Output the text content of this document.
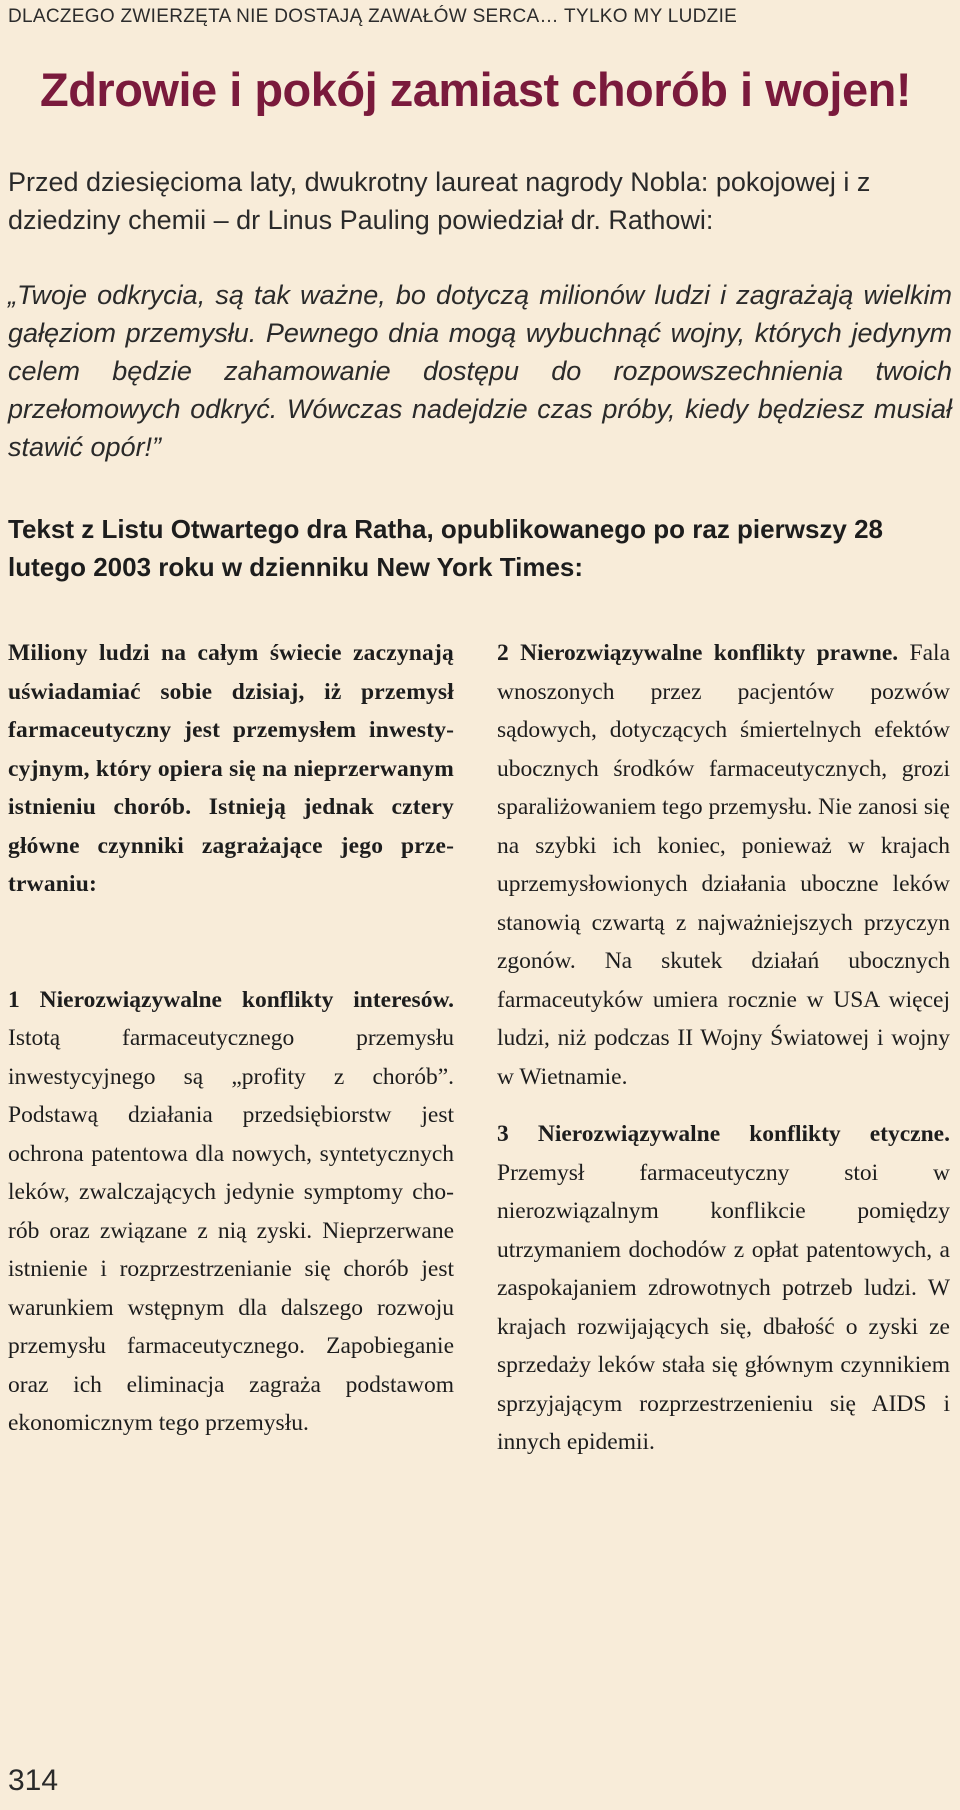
DLACZEGO ZWIERZĘTA NIE DOSTAJĄ ZAWAŁÓW SERCA… TYLKO MY LUDZIE
Zdrowie i pokój zamiast chorób i wojen!

Przed dziesięcioma laty, dwukrotny laureat nagrody Nobla: pokojowej i z dziedziny chemii – dr Linus Pauling powiedział dr. Rathowi:

„Twoje odkrycia, są tak ważne, bo dotyczą milionów ludzi i zagrażają wielkim gałęziom przemysłu. Pewnego dnia mogą wybuchnąć wojny, których jedynym celem będzie zahamowanie dostępu do rozpowszechnienia twoich przełomowych odkryć. Wówczas nadejdzie czas próby, kiedy będziesz musiał stawić opór!”

Tekst z Listu Otwartego dra Ratha, opublikowanego po raz pierwszy 28 lutego 2003 roku w dzienniku New York Times:

Miliony ludzi na całym świecie zaczynają uświadamiać sobie dzisiaj, iż przemysł farmaceutyczny jest przemysłem inwestycyjnym, który opiera się na nieprzerwanym istnieniu chorób. Istnieją jednak cztery główne czynniki zagrażające jego przetrwaniu:

1 Nierozwiązywalne konflikty interesów. Istotą farmaceutycznego przemysłu inwestycyjnego są „profity z chorób”. Podstawą działania przedsiębiorstw jest ochrona patentowa dla nowych, syntetycznych leków, zwalczających jedynie symptomy chorób oraz związane z nią zyski. Nieprzerwane istnienie i rozprzestrzenianie się chorób jest warunkiem wstępnym dla dalszego rozwoju przemysłu farmaceutycznego. Zapobieganie oraz ich eliminacja zagraża podstawom ekonomicznym tego przemysłu.

2 Nierozwiązywalne konflikty prawne. Fala wnoszonych przez pacjentów pozwów sądowych, dotyczących śmiertelnych efektów ubocznych środków farmaceutycznych, grozi sparaliżowaniem tego przemysłu. Nie zanosi się na szybki ich koniec, ponieważ w krajach uprzemysłowionych działania uboczne leków stanowią czwartą z najważniejszych przyczyn zgonów. Na skutek działań ubocznych farmaceutyków umiera rocznie w USA więcej ludzi, niż podczas II Wojny Światowej i wojny w Wietnamie.

3 Nierozwiązywalne konflikty etyczne. Przemysł farmaceutyczny stoi w nierozwiązalnym konflikcie pomiędzy utrzymaniem dochodów z opłat patentowych, a zaspokajaniem zdrowotnych potrzeb ludzi. W krajach rozwijających się, dbałość o zyski ze sprzedaży leków stała się głównym czynnikiem sprzyjającym rozprzestrzenieniu się AIDS i innych epidemii.

314
